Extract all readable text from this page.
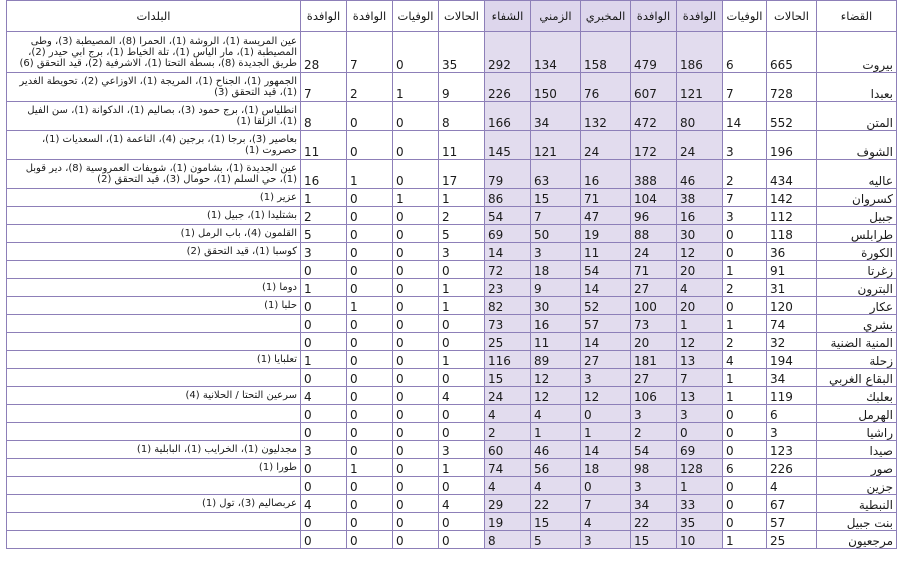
القضاء	الحالات	الوفيات	الوافدة	الوافدة	المخبري	الزمني	الشفاء	الحالات	الوفيات	الوافدة	الوافدة	البلدات
بيروت	665	6	186	479	158	134	292	35	0	7	28	عين المريسة (1)، الروشة (1)، الحمرا (8)، المصيطبة (3)، وطى المصيطبة (1)، مار الياس (1)، تلة الخياط (1)، برج ابي حيدر (2)، طريق الجديدة (8)، بسطة التحتا (1)، الاشرفية (2)، قيد التحقق (6)
بعبدا	728	7	121	607	76	150	226	9	1	2	7	الجمهور (1)، الجناح (1)، المريجة (1)، الاوزاعي (2)، تحويطة الغدير (1)، قيد التحقق (3)
المتن	552	14	80	472	132	34	166	8	0	0	8	انطلياس (1)، برج حمود (3)، بصاليم (1)، الدكوانة (1)، سن الفيل (1)، الزلقا (1)
الشوف	196	3	24	172	24	121	145	11	0	0	11	بعاصير (3)، برجا (1)، برجين (4)، الناعمة (1)، السعديات (1)، حصروت (1)
عاليه	434	2	46	388	16	63	79	17	0	1	16	عين الجديدة (1)، بشامون (1)، شويفات العمروسية (8)، دير قوبل (1)، حي السلم (1)، حومال (3)، قيد التحقق (2)
كسروان	142	7	38	104	71	15	86	1	1	0	1	عزير (1)
جبيل	112	3	16	96	47	7	54	2	0	0	2	بشتليدا (1)، جبيل (1)
طرابلس	118	0	30	88	19	50	69	5	0	0	5	القلمون (4)، باب الرمل (1)
الكورة	36	0	12	24	11	3	14	3	0	0	3	كوسبا (1)، قيد التحقق (2)
زغرتا	91	1	20	71	54	18	72	0	0	0	0	
البترون	31	2	4	27	14	9	23	1	0	0	1	دوما (1)
عكار	120	0	20	100	52	30	82	1	0	1	0	حلبا (1)
بشري	74	1	1	73	57	16	73	0	0	0	0	
المنية الضنية	32	2	12	20	14	11	25	0	0	0	0	
زحلة	194	4	13	181	27	89	116	1	0	0	1	تعلبايا (1)
البقاع الغربي	34	1	7	27	3	12	15	0	0	0	0	
بعلبك	119	1	13	106	12	12	24	4	0	0	4	سرعين التحتا / الحلانية (4)
الهرمل	6	0	3	3	0	4	4	0	0	0	0	
راشيا	3	0	0	2	1	1	2	0	0	0	0	
صيدا	123	0	69	54	14	46	60	3	0	0	3	مجدليون (1)، الخرايب (1)، البابلية (1)
صور	226	6	128	98	18	56	74	1	0	1	0	طورا (1)
جزين	4	0	1	3	0	4	4	0	0	0	0	
النبطية	67	0	33	34	7	22	29	4	0	0	4	عربصاليم (3)، تول (1)
بنت جبيل	57	0	35	22	4	15	19	0	0	0	0	
مرجعيون	25	1	10	15	3	5	8	0	0	0	0	
